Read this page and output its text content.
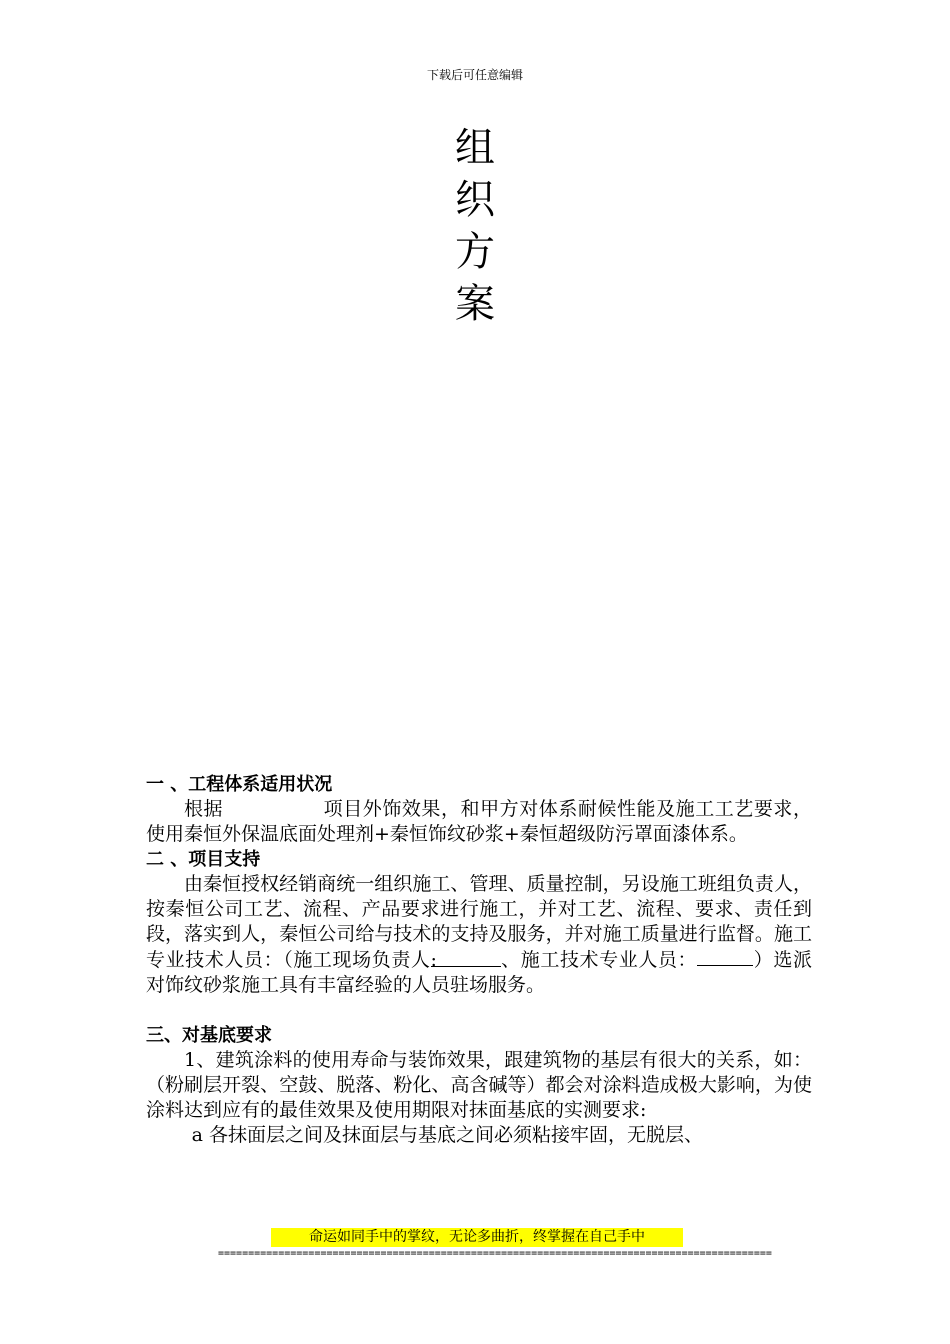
下载后可任意编辑
组
织
方
案
一 、工程体系适用状况
根据	项目外饰效果，和甲方对体系耐候性能及施工工艺要求，使用秦恒外保温底面处理剂+秦恒饰纹砂浆+秦恒超级防污罩面漆体系。
二 、项目支持
由秦恒授权经销商统一组织施工、管理、质量控制，另设施工班组负责人，按秦恒公司工艺、流程、产品要求进行施工，并对工艺、流程、要求、责任到段，落实到人，秦恒公司给与技术的支持及服务，并对施工质量进行监督。施工专业技术人员：（施工现场负责人:	、施工技术专业人员：	）选派对饰纹砂浆施工具有丰富经验的人员驻场服务。
三、对基底要求
1、建筑涂料的使用寿命与装饰效果，跟建筑物的基层有很大的关系，如：（粉刷层开裂、空鼓、脱落、粉化、高含碱等）都会对涂料造成极大影响，为使涂料达到应有的最佳效果及使用期限对抹面基底的实测要求:
a 各抹面层之间及抹面层与基底之间必须粘接牢固，无脱层、
命运如同手中的掌纹，无论多曲折，终掌握在自己手中
============================================================================================
